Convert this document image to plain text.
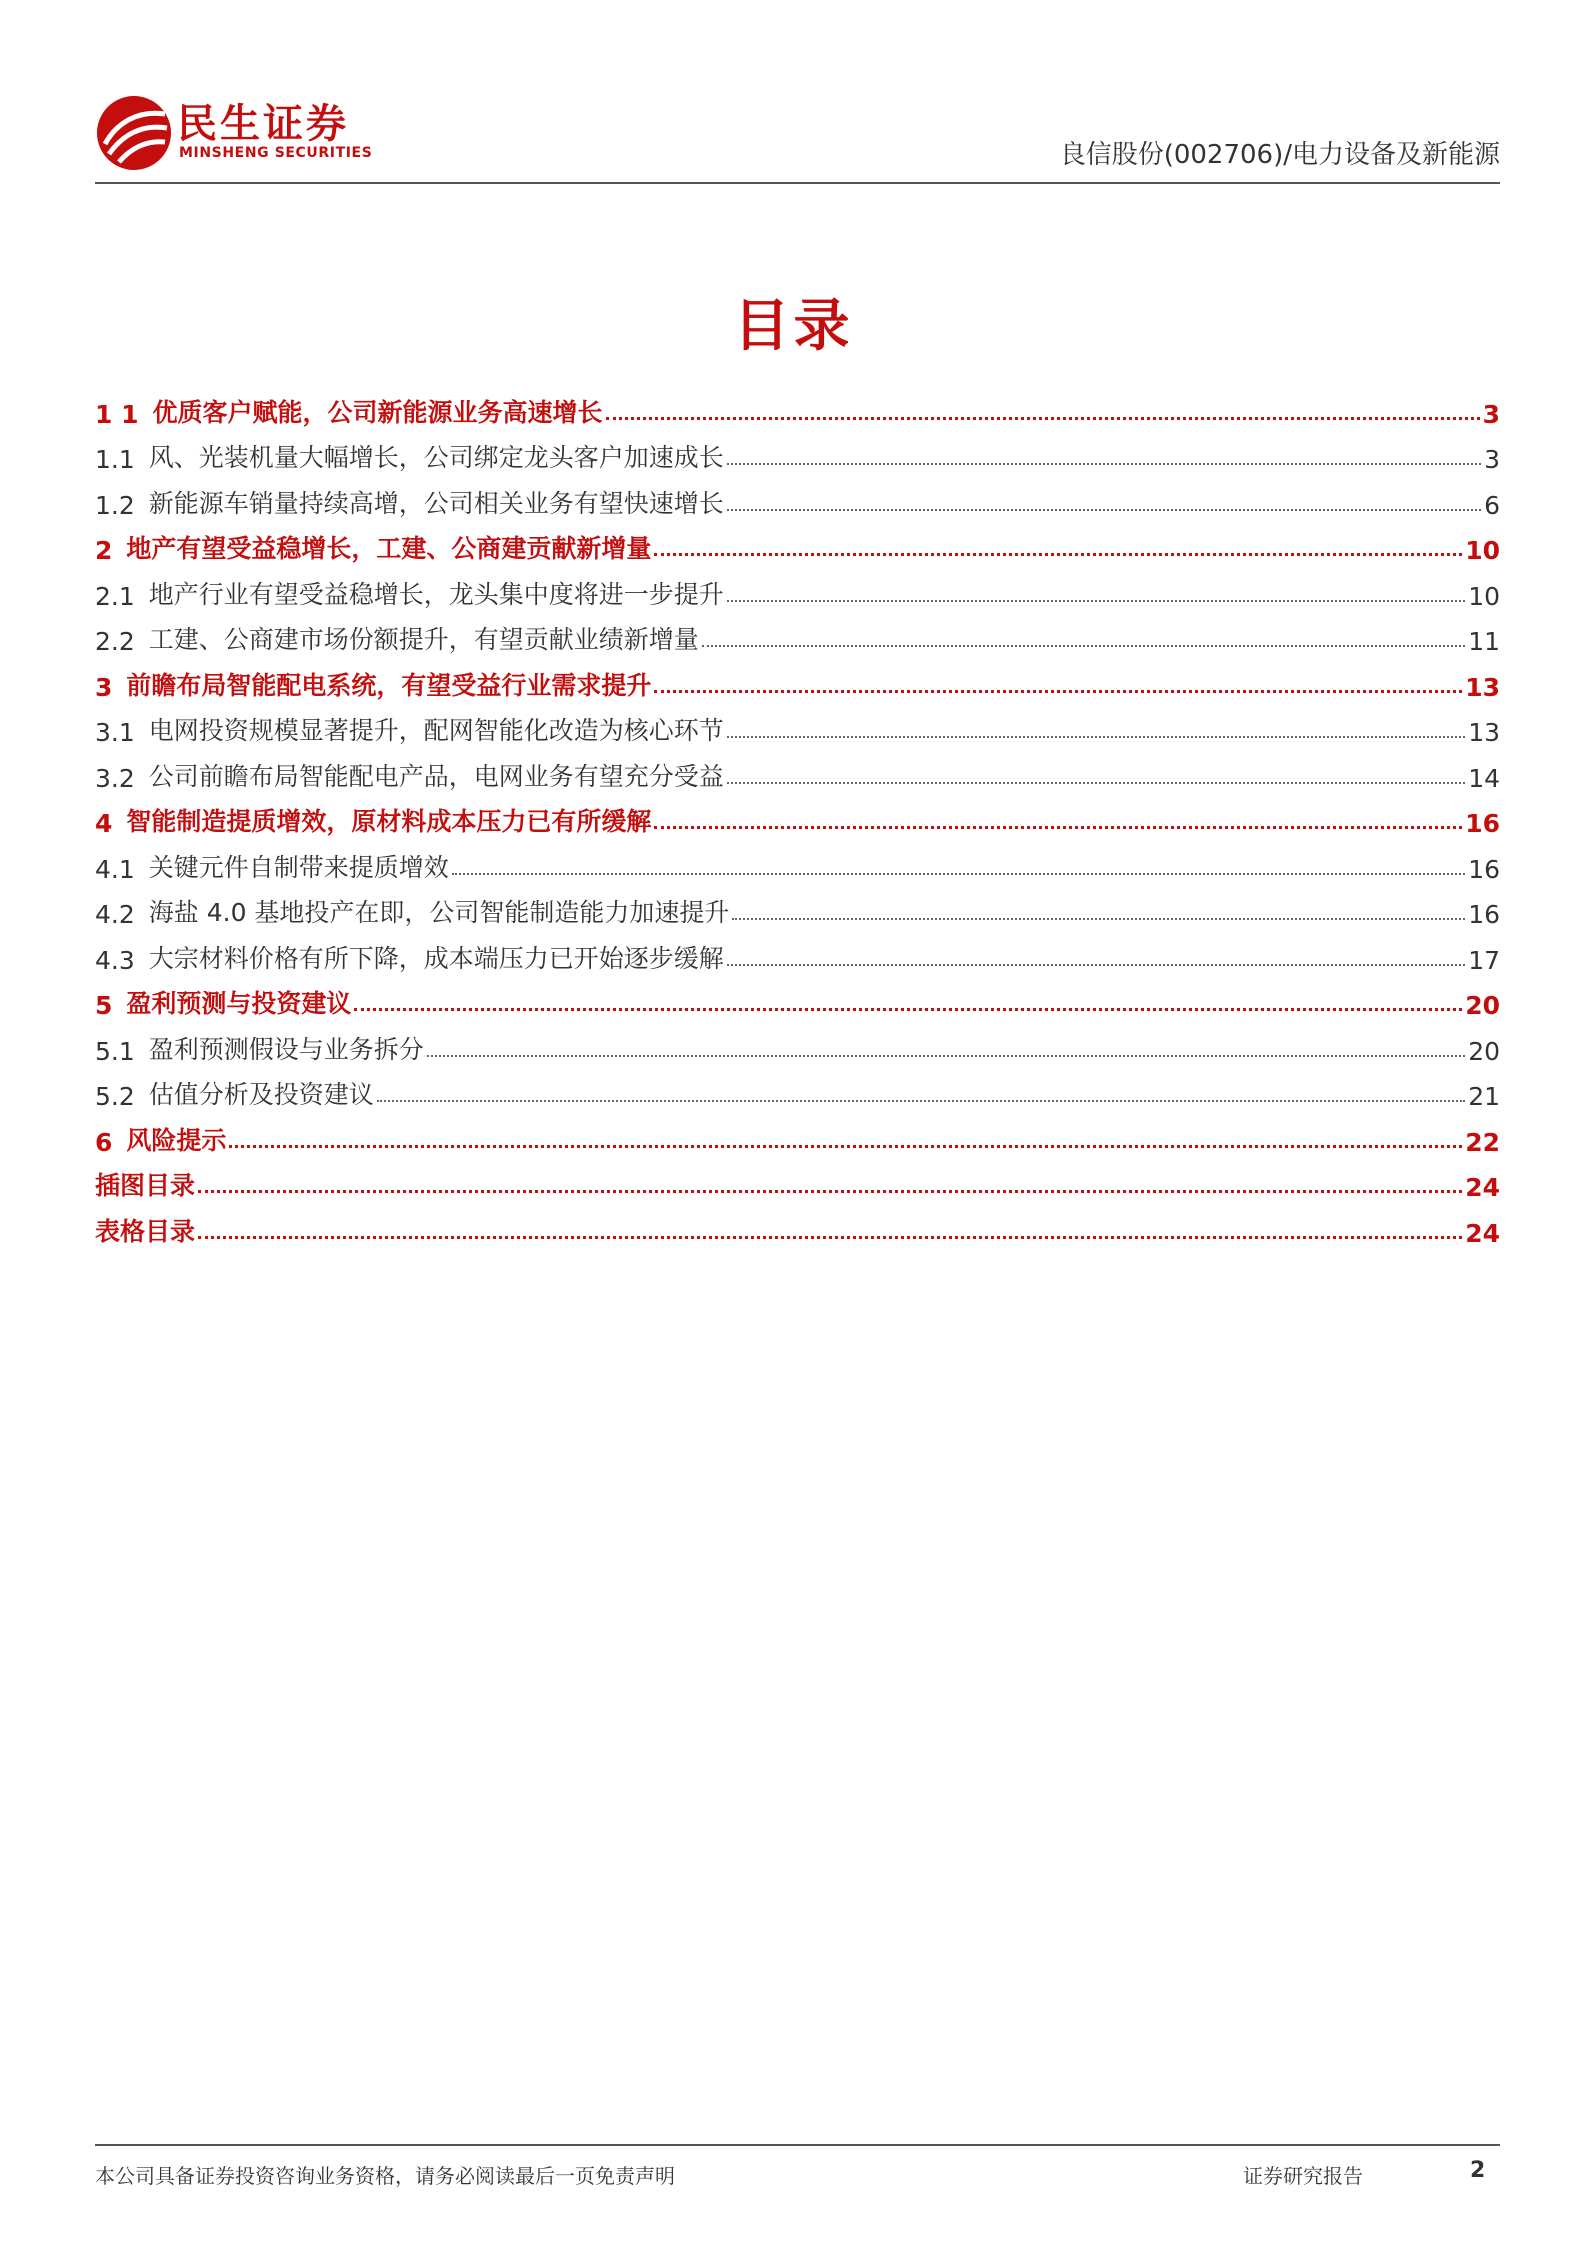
民生证券
MINSHENG SECURITIES	良信股份(002706)/电力设备及新能源
目录
1 1 优质客户赋能，公司新能源业务高速增长	3
1.1 风、光装机量大幅增长，公司绑定龙头客户加速成长	3
1.2 新能源车销量持续高增，公司相关业务有望快速增长	6
2 地产有望受益稳增长，工建、公商建贡献新增量	10
2.1 地产行业有望受益稳增长，龙头集中度将进一步提升	10
2.2 工建、公商建市场份额提升，有望贡献业绩新增量	11
3 前瞻布局智能配电系统，有望受益行业需求提升	13
3.1 电网投资规模显著提升，配网智能化改造为核心环节	13
3.2 公司前瞻布局智能配电产品，电网业务有望充分受益	14
4 智能制造提质增效，原材料成本压力已有所缓解	16
4.1 关键元件自制带来提质增效	16
4.2 海盐 4.0 基地投产在即，公司智能制造能力加速提升	16
4.3 大宗材料价格有所下降，成本端压力已开始逐步缓解	17
5 盈利预测与投资建议	20
5.1 盈利预测假设与业务拆分	20
5.2 估值分析及投资建议	21
6 风险提示	22
插图目录	24
表格目录	24
本公司具备证券投资咨询业务资格，请务必阅读最后一页免责声明	证券研究报告	2
